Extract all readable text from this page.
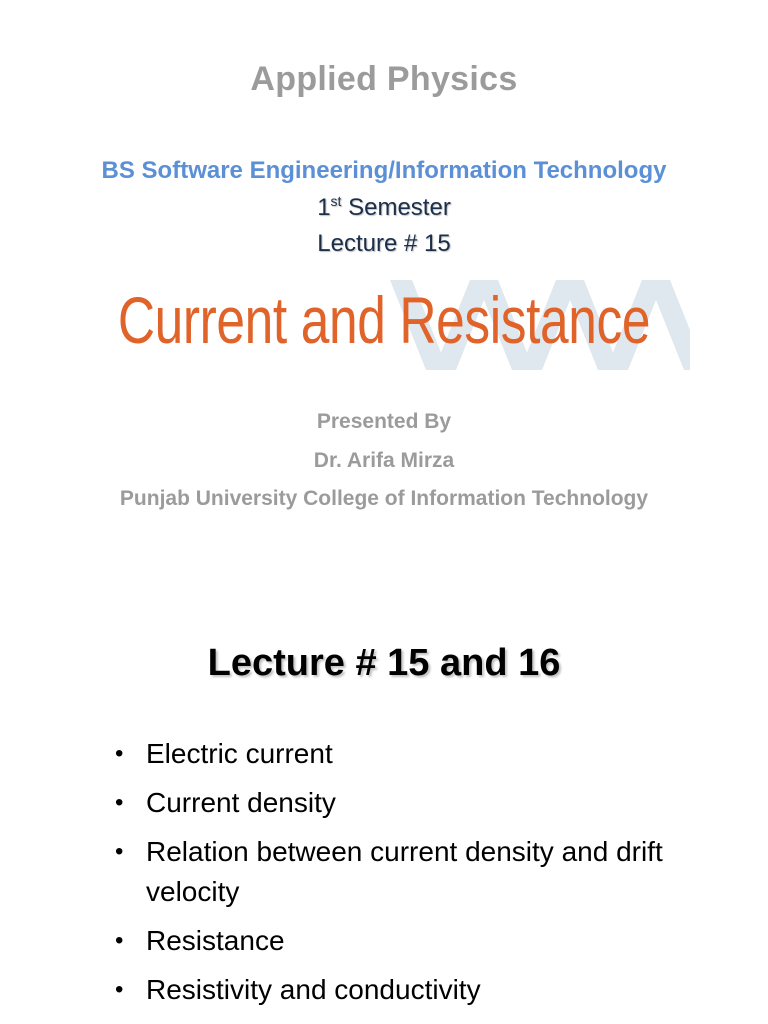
Applied Physics
BS Software Engineering/Information Technology
1st Semester
Lecture # 15
Current and Resistance
Presented By
Dr. Arifa Mirza
Punjab University College of Information Technology
Lecture # 15 and 16
• Electric current
• Current density
• Relation between current density and drift velocity
• Resistance
• Resistivity and conductivity
